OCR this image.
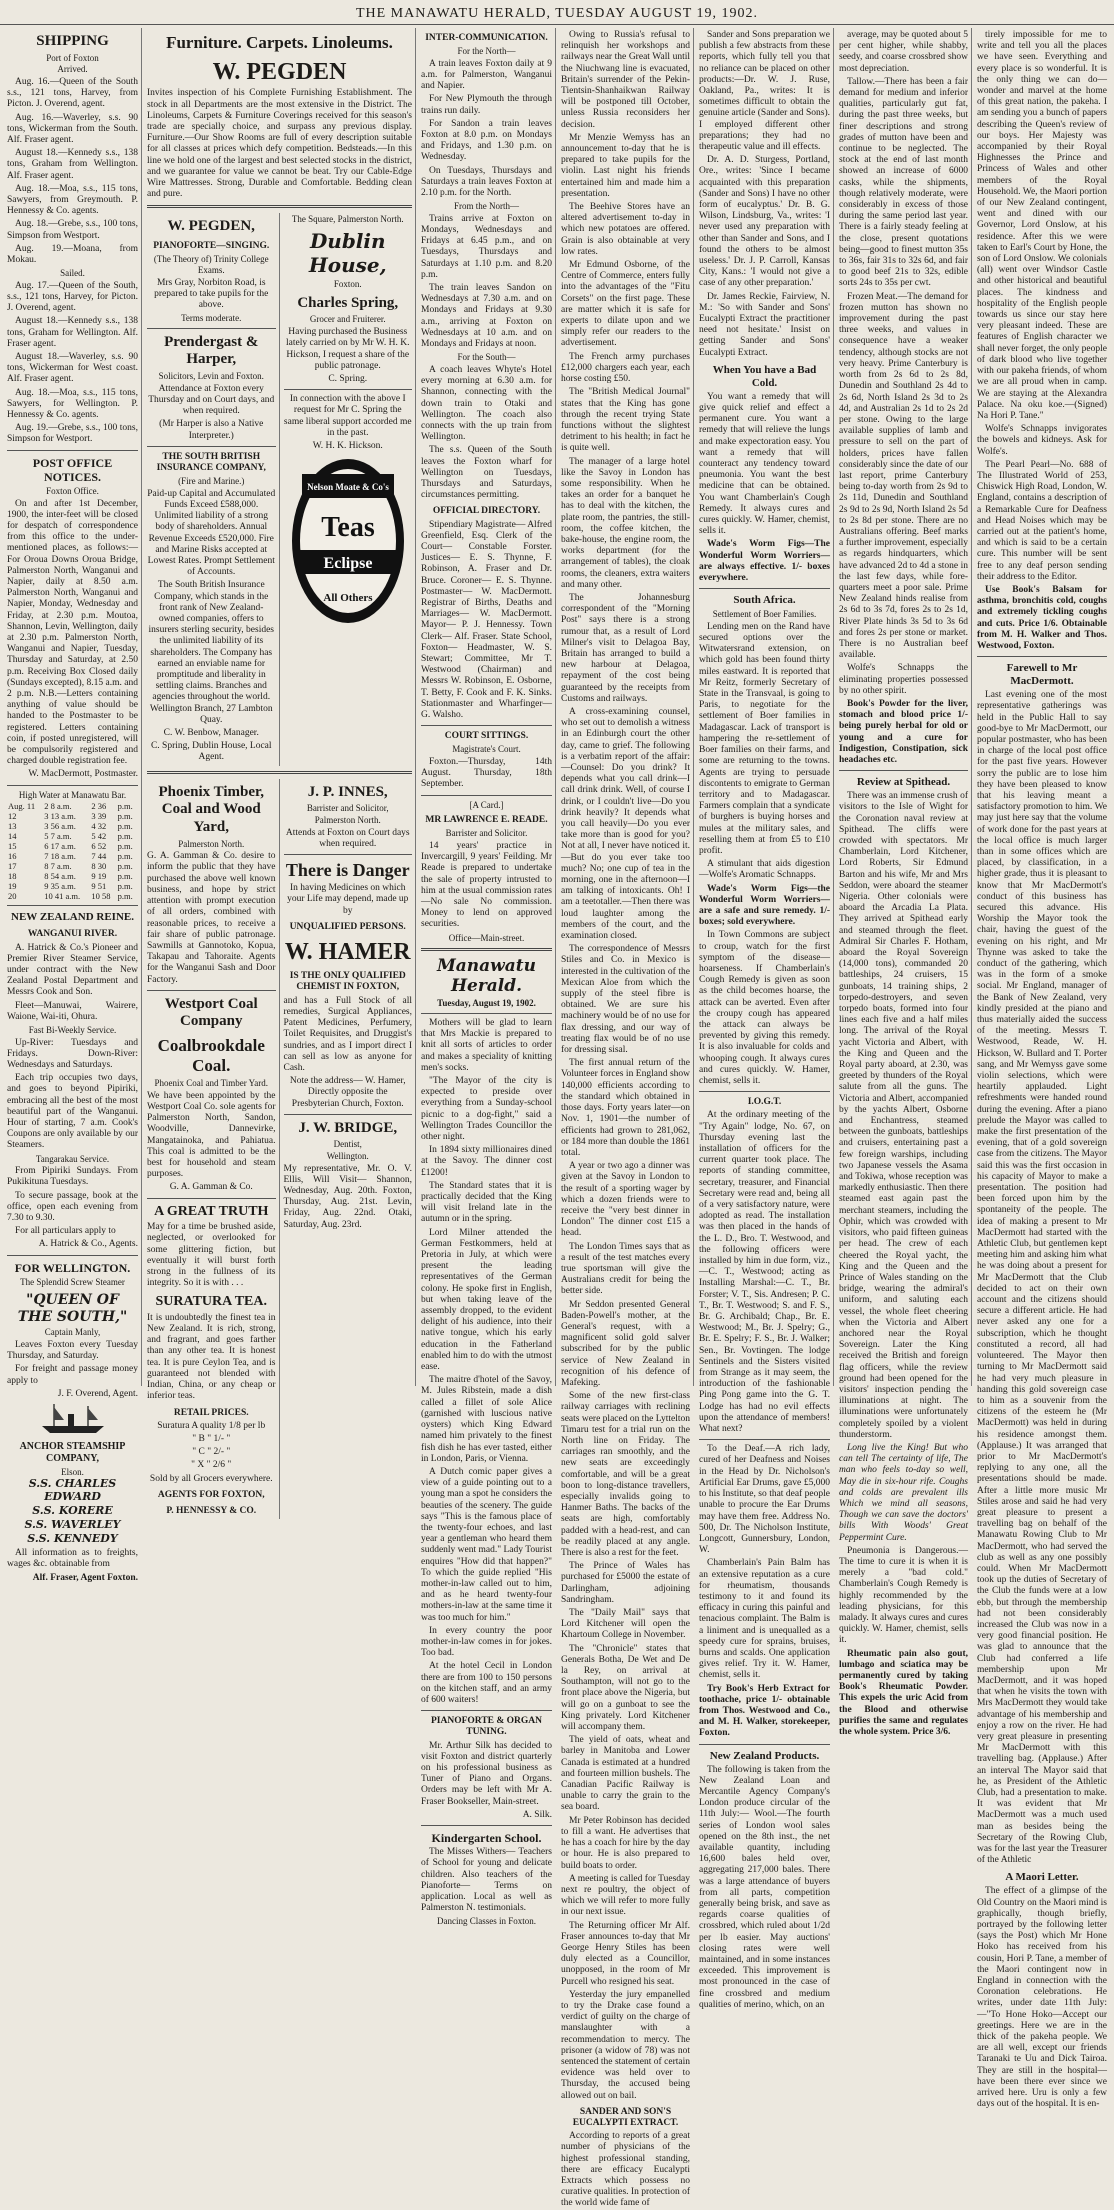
THE MANAWATU HERALD, TUESDAY AUGUST 19, 1902.
SHIPPING
Port of Foxton
Arrived.

Aug. 16.—Queen of the South s.s., 121 tons, Harvey, from Picton. J. Overend, agent.

Aug. 16.—Waverley, s.s. 90 tons, Wickerman from the South. Alf. Fraser agent.

August 18.—Kennedy s.s., 138 tons, Graham from Wellington. Alf. Fraser agent.

Aug. 18.—Moa, s.s., 115 tons, Sawyers, from Greymouth. P. Hennessy & Co. agents.

Aug. 18.—Grebe, s.s., 100 tons, Simpson from Westport.

Aug. 19.—Moana, from Mokau.

Sailed.

Aug. 17.—Queen of the South, s.s., 121 tons, Harvey, for Picton. J. Overend, agent.

August 18.—Kennedy s.s., 138 tons, Graham for Wellington. Alf. Fraser agent.

August 18.—Waverley, s.s. 90 tons, Wickerman for West coast. Alf. Fraser agent.

Aug. 18.—Moa, s.s., 115 tons, Sawyers, for Wellington. P. Hennessy & Co. agents.

Aug. 19.—Grebe, s.s., 100 tons, Simpson for Westport.

POST OFFICE NOTICES.
Foxton Office.

On and after 1st December, 1900, the inter-feet will be closed for despatch of correspondence from this office to the under-mentioned places, as follows:— For Oroua Downs Oroua Bridge, Palmerston North, Wanganui and Napier, daily at 8.50 a.m. Palmerston North, Wanganui and Napier, Monday, Wednesday and Friday, at 2.30 p.m. Moutoa, Shannon, Levin, Wellington, daily at 2.30 p.m. Palmerston North, Wanganui and Napier, Tuesday, Thursday and Saturday, at 2.50 p.m. Receiving Box Closed daily (Sundays excepted), 8.15 a.m. and 2 p.m. N.B.—Letters containing anything of value should be handed to the Postmaster to be registered. Letters containing coin, if posted unregistered, will be compulsorily registered and charged double registration fee.

W. MacDermott, Postmaster.

High Water at Manawatu Bar.
Aug. 11	2 8 a.m.	2 36	p.m.
12	3 13 a.m.	3 39	p.m.
13	3 56 a.m.	4 32	p.m.
14	5 7 a.m.	5 42	p.m.
15	6 17 a.m.	6 52	p.m.
16	7 18 a.m.	7 44	p.m.
17	8 7 a.m.	8 30	p.m.
18	8 54 a.m.	9 19	p.m.
19	9 35 a.m.	9 51	p.m.
20	10 41 a.m.	10 58	p.m.
NEW ZEALAND REINE.
WANGANUI RIVER.

A. Hatrick & Co.'s Pioneer and Premier River Steamer Service, under contract with the New Zealand Postal Department and Messrs Cook and Son.

Fleet—Manuwai, Wairere, Waione, Wai-iti, Ohura.

Fast Bi-Weekly Service.

Up-River: Tuesdays and Fridays. Down-River: Wednesdays and Saturdays.

Each trip occupies two days, and goes to beyond Pipiriki, embracing all the best of the most beautiful part of the Wanganui. Hour of starting, 7 a.m. Cook's Coupons are only available by our Steamers.

Tangarakau Service.

From Pipiriki Sundays. From Pukikituna Tuesdays.

To secure passage, book at the office, open each evening from 7.30 to 9.30.

For all particulars apply to

A. Hatrick & Co., Agents.

FOR WELLINGTON.
The Splendid Screw Steamer
"QUEEN OF THE SOUTH,"
Captain Manly,

Leaves Foxton every Tuesday Thursday, and Saturday.

For freight and passage money apply to

J. F. Overend, Agent.

ANCHOR STEAMSHIP COMPANY,
Elson.
S.S. CHARLES EDWARD
S.S. KORERE
S.S. WAVERLEY
S.S. KENNEDY

All information as to freights, wages &c. obtainable from

Alf. Fraser, Agent Foxton.

Furniture. Carpets. Linoleums.
W. PEGDEN

Invites inspection of his Complete Furnishing Establishment. The stock in all Departments are the most extensive in the District. The Linoleums, Carpets & Furniture Coverings received for this season's trade are specially choice, and surpass any previous display. Furniture.—Our Show Rooms are full of every description suitable for all classes at prices which defy competition. Bedsteads.—In this line we hold one of the largest and best selected stocks in the district, and we guarantee for value we cannot be beat. Try our Cable-Edge Wire Mattresses. Strong, Durable and Comfortable. Bedding clean and pure.

W. PEGDEN,
PIANOFORTE—SINGING.
(The Theory of) Trinity College Exams.

Mrs Gray, Norbiton Road, is prepared to take pupils for the above.

Terms moderate.
Prendergast & Harper,
Solicitors, Levin and Foxton.

Attendance at Foxton every Thursday and on Court days, and when required.

(Mr Harper is also a Native Interpreter.)

THE SOUTH BRITISH INSURANCE COMPANY,
(Fire and Marine.)

Paid-up Capital and Accumulated Funds Exceed £588,000. Unlimited liability of a strong body of shareholders. Annual Revenue Exceeds £520,000. Fire and Marine Risks accepted at Lowest Rates. Prompt Settlement of Accounts.

The South British Insurance Company, which stands in the front rank of New Zealand-owned companies, offers to insurers sterling security, besides the unlimited liability of its shareholders. The Company has earned an enviable name for promptitude and liberality in settling claims. Branches and agencies throughout the world. Wellington Branch, 27 Lambton Quay.

C. W. Benbow, Manager.

C. Spring, Dublin House, Local Agent.

The Square, Palmerston North.
Dublin House,
Foxton.
Charles Spring,
Grocer and Fruiterer.

Having purchased the Business lately carried on by Mr W. H. K. Hickson, I request a share of the public patronage.

C. Spring.

In connection with the above I request for Mr C. Spring the same liberal support accorded me in the past.

W. H. K. Hickson.

Nelson Moate & Co's
Teas
Eclipse
All Others
Phoenix Timber, Coal and Wood Yard,
Palmerston North.

G. A. Gamman & Co. desire to inform the public that they have purchased the above well known business, and hope by strict attention with prompt execution of all orders, combined with reasonable prices, to receive a fair share of public patronage. Sawmills at Gannotoko, Kopua, Takapau and Tahoraite. Agents for the Wanganui Sash and Door Factory.

Westport Coal Company
Coalbrookdale Coal.
Phoenix Coal and Timber Yard.

We have been appointed by the Westport Coal Co. sole agents for Palmerston North, Sandon, Woodville, Dannevirke, Mangatainoka, and Pahiatua. This coal is admitted to be the best for household and steam purposes.

G. A. Gamman & Co.

A GREAT TRUTH

May for a time be brushed aside, neglected, or overlooked for some glittering fiction, but eventually it will burst forth strong in the fullness of its integrity. So it is with . . .

SURATURA TEA.

It is undoubtedly the finest tea in New Zealand. It is rich, strong, and fragrant, and goes farther than any other tea. It is honest tea. It is pure Ceylon Tea, and is guaranteed not blended with Indian, China, or any cheap or inferior teas.

RETAIL PRICES.

Suratura A quality 1/8 per lb

" B " 1/- "

" C " 2/- "

" X " 2/6 "

Sold by all Grocers everywhere.

AGENTS FOR FOXTON,
P. HENNESSY & CO.
J. P. INNES,
Barrister and Solicitor,
Palmerston North.

Attends at Foxton on Court days when required.

There is Danger

In having Medicines on which your Life may depend, made up by

UNQUALIFIED PERSONS.
W. HAMER
IS THE ONLY QUALIFIED CHEMIST IN FOXTON,

and has a Full Stock of all remedies, Surgical Appliances, Patent Medicines, Perfumery, Toilet Requisites, and Druggist's sundries, and as I import direct I can sell as low as anyone for Cash.

Note the address— W. Hamer, Directly opposite the Presbyterian Church, Foxton.

J. W. BRIDGE,
Dentist,
Wellington.

My representative, Mr. O. V. Ellis, Will Visit— Shannon, Wednesday, Aug. 20th. Foxton, Thursday, Aug. 21st. Levin, Friday, Aug. 22nd. Otaki, Saturday, Aug. 23rd.

INTER-COMMUNICATION.
For the North—

A train leaves Foxton daily at 9 a.m. for Palmerston, Wanganui and Napier.

For New Plymouth the through trains run daily.

For Sandon a train leaves Foxton at 8.0 p.m. on Mondays and Fridays, and 1.30 p.m. on Wednesday.

On Tuesdays, Thursdays and Saturdays a train leaves Foxton at 2.10 p.m. for the North.

From the North—

Trains arrive at Foxton on Mondays, Wednesdays and Fridays at 6.45 p.m., and on Tuesdays, Thursdays and Saturdays at 1.10 p.m. and 8.20 p.m.

The train leaves Sandon on Wednesdays at 7.30 a.m. and on Mondays and Fridays at 9.30 a.m., arriving at Foxton on Wednesdays at 10 a.m. and on Mondays and Fridays at noon.

For the South—

A coach leaves Whyte's Hotel every morning at 6.30 a.m. for Shannon, connecting with the down train to Otaki and Wellington. The coach also connects with the up train from Wellington.

The s.s. Queen of the South leaves the Foxton wharf for Wellington on Tuesdays, Thursdays and Saturdays, circumstances permitting.

OFFICIAL DIRECTORY.

Stipendiary Magistrate— Alfred Greenfield, Esq. Clerk of the Court— Constable Forster. Justices— E. S. Thynne, F. Robinson, A. Fraser and Dr. Bruce. Coroner— E. S. Thynne. Postmaster— W. MacDermott. Registrar of Births, Deaths and Marriages— W. MacDermott. Mayor— P. J. Hennessy. Town Clerk— Alf. Fraser. State School, Foxton— Headmaster, W. S. Stewart; Committee, Mr T. Westwood (Chairman) and Messrs W. Robinson, E. Osborne, T. Betty, F. Cook and F. K. Sinks. Stationmaster and Wharfinger— G. Walsho.

COURT SITTINGS.
Magistrate's Court.

Foxton.—Thursday, 14th August. Thursday, 18th September.

[A Card.]
MR LAWRENCE E. READE.
Barrister and Solicitor.

14 years' practice in Invercargill, 9 years' Feilding. Mr Reade is prepared to undertake the sale of property intrusted to him at the usual commission rates—No sale No commission. Money to lend on approved securities.

Office—Main-street.
Manawatu Herald.
Tuesday, August 19, 1902.

Mothers will be glad to learn that Mrs Mackie is prepared to knit all sorts of articles to order and makes a speciality of knitting men's socks.

"The Mayor of the city is expected to preside over everything from a Sunday-school picnic to a dog-fight," said a Wellington Trades Councillor the other night.

In 1894 sixty millionaires dined at the Savoy. The dinner cost £1200!

The Standard states that it is practically decided that the King will visit Ireland late in the autumn or in the spring.

Lord Milner attended the German Festkommers, held at Pretoria in July, at which were present the leading representatives of the German colony. He spoke first in English, but when taking leave of the assembly dropped, to the evident delight of his audience, into their native tongue, which his early education in the Fatherland enabled him to do with the utmost ease.

The maitre d'hotel of the Savoy, M. Jules Ribstein, made a dish called a fillet of sole Alice (garnished with luscious native oysters) which King Edward named him privately to the finest fish dish he has ever tasted, either in London, Paris, or Vienna.

A Dutch comic paper gives a view of a guide pointing out to a young man a spot he considers the beauties of the scenery. The guide says "This is the famous place of the twenty-four echoes, and last year a gentleman who heard them suddenly went mad." Lady Tourist enquires "How did that happen?" To which the guide replied "His mother-in-law called out to him, and as he heard twenty-four mothers-in-law at the same time it was too much for him."

In every country the poor mother-in-law comes in for jokes. Too bad.

At the hotel Cecil in London there are from 100 to 150 persons on the kitchen staff, and an army of 600 waiters!

PIANOFORTE & ORGAN TUNING.

Mr. Arthur Silk has decided to visit Foxton and district quarterly on his professional business as Tuner of Piano and Organs. Orders may be left with Mr A. Fraser Bookseller, Main-street.

A. Silk.

Kindergarten School.

The Misses Withers— Teachers of School for young and delicate children. Also teachers of the Pianoforte— Terms on application. Local as well as Palmerston N. testimonials.

Dancing Classes in Foxton.

Owing to Russia's refusal to relinquish her workshops and railways near the Great Wall until the Niuchwang line is evacuated, Britain's surrender of the Pekin-Tientsin-Shanhaikwan Railway will be postponed till October, unless Russia reconsiders her decision.

Mr Menzie Wemyss has an announcement to-day that he is prepared to take pupils for the violin. Last night his friends entertained him and made him a presentation.

The Beehive Stores have an altered advertisement to-day in which new potatoes are offered. Grain is also obtainable at very low rates.

Mr Edmund Osborne, of the Centre of Commerce, enters fully into the advantages of the "Fitu Corsets" on the first page. These are matter which it is safe for experts to dilate upon and we simply refer our readers to the advertisement.

The French army purchases £12,000 chargers each year, each horse costing £50.

The "British Medical Journal" states that the King has gone through the recent trying State functions without the slightest detriment to his health; in fact he is quite well.

The manager of a large hotel like the Savoy in London has some responsibility. When he takes an order for a banquet he has to deal with the kitchen, the plate room, the pantries, the still-room, the coffee kitchen, the bake-house, the engine room, the works department (for the arrangement of tables), the cloak rooms, the cleaners, extra waiters and many other.

The Johannesburg correspondent of the "Morning Post" says there is a strong rumour that, as a result of Lord Milner's visit to Delagoa Bay, Britain has arranged to build a new harbour at Delagoa, repayment of the cost being guaranteed by the receipts from Customs and railways.

A cross-examining counsel, who set out to demolish a witness in an Edinburgh court the other day, came to grief. The following is a verbatim report of the affair:—Counsel: Do you drink? It depends what you call drink—I call drink drink. Well, of course I drink, or I couldn't live—Do you drink heavily? It depends what you call heavily—Do you ever take more than is good for you? Not at all, I never have noticed it.—But do you ever take too much? No; one cup of tea in the morning, one in the afternoon—I am talking of intoxicants. Oh! I am a teetotaller.—Then there was loud laughter among the members of the court, and the examination closed.

The correspondence of Messrs Stiles and Co. in Mexico is interested in the cultivation of the Mexican Aloe from which the supply of the steel fibre is obtained. We are sure his machinery would be of no use for flax dressing, and our way of treating flax would be of no use for dressing sisal.

The first annual return of the Volunteer forces in England show 140,000 efficients according to the standard which obtained in those days. Forty years later—on Nov. 1, 1901—the number of efficients had grown to 281,062, or 184 more than double the 1861 total.

A year or two ago a dinner was given at the Savoy in London to the result of a sporting wager by which a dozen friends were to receive the "very best dinner in London" The dinner cost £15 a head.

The London Times says that as a result of the test matches every true sportsman will give the Australians credit for being the better side.

Mr Seddon presented General Baden-Powell's mother, at the General's request, with a magnificent solid gold salver subscribed for by the public service of New Zealand in recognition of his defence of Mafeking.

Some of the new first-class railway carriages with reclining seats were placed on the Lyttelton Timaru test for a trial run on the North line on Friday. The carriages ran smoothly, and the new seats are exceedingly comfortable, and will be a great boon to long-distance travellers, especially invalids going to Hanmer Baths. The backs of the seats are high, comfortably padded with a head-rest, and can be readily placed at any angle. There is also a rest for the feet.

The Prince of Wales has purchased for £5000 the estate of Darlingham, adjoining Sandringham.

The "Daily Mail" says that Lord Kitchener will open the Khartoum College in November.

The "Chronicle" states that Generals Botha, De Wet and De la Rey, on arrival at Southampton, will not go to the front place above the Nigeria, but will go on a gunboat to see the King privately. Lord Kitchener will accompany them.

The yield of oats, wheat and barley in Manitoba and Lower Canada is estimated at a hundred and fourteen million bushels. The Canadian Pacific Railway is unable to carry the grain to the sea board.

Mr Peter Robinson has decided to fill a want. He advertises that he has a coach for hire by the day or hour. He is also prepared to build boats to order.

A meeting is called for Tuesday next re poultry, the object of which we will refer to more fully in our next issue.

The Returning officer Mr Alf. Fraser announces to-day that Mr George Henry Stiles has been duly elected as a Councillor, unopposed, in the room of Mr Purcell who resigned his seat.

Yesterday the jury empanelled to try the Drake case found a verdict of guilty on the charge of manslaughter with a recommendation to mercy. The prisoner (a widow of 78) was not sentenced the statement of certain evidence was held over to Thursday, the accused being allowed out on bail.

SANDER AND SON'S EUCALYPTI EXTRACT.

According to reports of a great number of physicians of the highest professional standing, there are efficacy Eucalypti Extracts which possess no curative qualities. In protection of the world wide fame of

Sander and Sons preparation we publish a few abstracts from these reports, which fully tell you that no reliance can be placed on other products:—Dr. W. J. Ruse, Oakland, Pa., writes: It is sometimes difficult to obtain the genuine article (Sander and Sons). I employed different other preparations; they had no therapeutic value and ill effects.

Dr. A. D. Sturgess, Portland, Ore., writes: 'Since I became acquainted with this preparation (Sander and Sons) I have no other form of eucalyptus.' Dr. B. G. Wilson, Lindsburg, Va., writes: 'I never used any preparation with other than Sander and Sons, and I found the others to be almost useless.' Dr. J. P. Carroll, Kansas City, Kans.: 'I would not give a case of any other preparation.'

Dr. James Reckie, Fairview, N. M.: 'So with Sander and Sons' Eucalypti Extract the practitioner need not hesitate.' Insist on getting Sander and Sons' Eucalypti Extract.

When You have a Bad Cold.

You want a remedy that will give quick relief and effect a permanent cure. You want a remedy that will relieve the lungs and make expectoration easy. You want a remedy that will counteract any tendency toward pneumonia. You want the best medicine that can be obtained. You want Chamberlain's Cough Remedy. It always cures and cures quickly. W. Hamer, chemist, sells it.

Wade's Worm Figs—The Wonderful Worm Worriers—are always effective. 1/- boxes everywhere.

South Africa.
Settlement of Boer Families.

Lending men on the Rand have secured options over the Witwatersrand extension, on which gold has been found thirty miles eastward. It is reported that Mr Reitz, formerly Secretary of State in the Transvaal, is going to Paris, to negotiate for the settlement of Boer families in Madagascar. Lack of transport is hampering the re-settlement of Boer families on their farms, and some are returning to the towns. Agents are trying to persuade discontents to emigrate to German territory and to Madagascar. Farmers complain that a syndicate of burghers is buying horses and mules at the military sales, and reselling them at from £5 to £10 profit.

A stimulant that aids digestion—Wolfe's Aromatic Schnapps.

Wade's Worm Figs—the Wonderful Worm Worriers—are a safe and sure remedy. 1/- boxes; sold everywhere.

In Town Commons are subject to croup, watch for the first symptom of the disease—hoarseness. If Chamberlain's Cough Remedy is given as soon as the child becomes hoarse, the attack can be averted. Even after the croupy cough has appeared the attack can always be prevented by giving this remedy. It is also invaluable for colds and whooping cough. It always cures and cures quickly. W. Hamer, chemist, sells it.

I.O.G.T.

At the ordinary meeting of the "Try Again" lodge, No. 67, on Thursday evening last the installation of officers for the current quarter took place. The reports of standing committee, secretary, treasurer, and Financial Secretary were read and, being all of a very satisfactory nature, were adopted as read. The installation was then placed in the hands of the L. D., Bro. T. Westwood, and the following officers were installed by him in due form, viz., —C. T., Westwood; acting as Installing Marshal:—C. T., Br. Forster; V. T., Sis. Andresen; P. C. T., Br. T. Westwood; S. and F. S., Br. G. Archibald; Chap., Br. E. Westwood; M., Br. J. Spelry; G., Br. E. Spelry; F. S., Br. J. Walker; Sen., Br. Vovtingen. The lodge Sentinels and the Sisters visited from Strange as it may seem, the introduction of the fashionable Ping Pong game into the G. T. Lodge has had no evil effects upon the attendance of members! What next?

To the Deaf.—A rich lady, cured of her Deafness and Noises in the Head by Dr. Nicholson's Artificial Ear Drums, gave £5,000 to his Institute, so that deaf people unable to procure the Ear Drums may have them free. Address No. 500, Dr. The Nicholson Institute, Longcott, Gunnersbury, London, W.

Chamberlain's Pain Balm has an extensive reputation as a cure for rheumatism, thousands testimony to it and found its efficacy in curing this painful and tenacious complaint. The Balm is a liniment and is unequalled as a speedy cure for sprains, bruises, burns and scalds. One application gives relief. Try it. W. Hamer, chemist, sells it.

Try Book's Herb Extract for toothache, price 1/- obtainable from Thos. Westwood and Co., and M. H. Walker, storekeeper, Foxton.

New Zealand Products.

The following is taken from the New Zealand Loan and Mercantile Agency Company's London produce circular of the 11th July:— Wool.—The fourth series of London wool sales opened on the 8th inst., the net available quantity, including 16,600 bales held over, aggregating 217,000 bales. There was a large attendance of buyers from all parts, competition generally being brisk, and save as regards coarse qualities of crossbred, which ruled about 1/2d per lb easier. May auctions' closing rates were well maintained, and in some instances exceeded. This improvement is most pronounced in the case of fine crossbred and medium qualities of merino, which, on an

average, may be quoted about 5 per cent higher, while shabby, seedy, and coarse crossbred show most depreciation.

Tallow.—There has been a fair demand for medium and inferior qualities, particularly gut fat, during the past three weeks, but finer descriptions and strong grades of mutton have been and continue to be neglected. The stock at the end of last month showed an increase of 6000 casks, while the shipments, though relatively moderate, were considerably in excess of those during the same period last year. There is a fairly steady feeling at the close, present quotations being—good to finest mutton 35s to 36s, fair 31s to 32s 6d, and fair to good beef 21s to 32s, edible sorts 24s to 35s per cwt.

Frozen Meat.—The demand for frozen mutton has shown no improvement during the past three weeks, and values in consequence have a weaker tendency, although stocks are not very heavy. Prime Canterbury is worth from 2s 6d to 2s 8d, Dunedin and Southland 2s 4d to 2s 6d, North Island 2s 3d to 2s 4d, and Australian 2s 1d to 2s 2d per stone. Owing to the large available supplies of lamb and pressure to sell on the part of holders, prices have fallen considerably since the date of our last report, prime Canterbury being to-day worth from 2s 9d to 2s 11d, Dunedin and Southland 2s 9d to 2s 9d, North Island 2s 5d to 2s 8d per stone. There are no Australians offering. Beef marks a further improvement, especially as regards hindquarters, which have advanced 2d to 4d a stone in the last few days, while fore-quarters meet a poor sale. Prime New Zealand hinds realise from 2s 6d to 3s 7d, fores 2s to 2s 1d, River Plate hinds 3s 5d to 3s 6d and fores 2s per stone or market. There is no Australian beef available.

Wolfe's Schnapps the eliminating properties possessed by no other spirit.

Book's Powder for the liver, stomach and blood price 1/- being purely herbal for old or young and a cure for Indigestion, Constipation, sick headaches etc.

Review at Spithead.

There was an immense crush of visitors to the Isle of Wight for the Coronation naval review at Spithead. The cliffs were crowded with spectators. Mr Chamberlain, Lord Kitchener, Lord Roberts, Sir Edmund Barton and his wife, Mr and Mrs Seddon, were aboard the steamer Nigeria. Other colonials were aboard the Arcadia La Plata. They arrived at Spithead early and steamed through the fleet. Admiral Sir Charles F. Hotham, aboard the Royal Sovereign (14,000 tons), commanded 20 battleships, 24 cruisers, 15 gunboats, 14 training ships, 2 torpedo-destroyers, and seven torpedo boats, formed into four lines each five and a half miles long. The arrival of the Royal yacht Victoria and Albert, with the King and Queen and the Royal party aboard, at 2.30, was greeted by thunders of the Royal salute from all the guns. The Victoria and Albert, accompanied by the yachts Albert, Osborne and Enchantress, steamed between the gunboats, battleships and cruisers, entertaining past a few foreign warships, including two Japanese vessels the Asama and Tokiwa, whose reception was markedly enthusiastic. Then there steamed east again past the merchant steamers, including the Ophir, which was crowded with visitors, who paid fifteen guineas per head. The crew of each cheered the Royal yacht, the King and the Queen and the Prince of Wales standing on the bridge, wearing the admiral's uniform, and saluting each vessel, the whole fleet cheering when the Victoria and Albert anchored near the Royal Sovereign. Later the King received the British and foreign flag officers, while the review ground had been opened for the visitors' inspection pending the illuminations at night. The illuminations were unfortunately completely spoiled by a violent thunderstorm.

Long live the King! But who can tell The certainty of life, The man who feels to-day so well, May die in six-hour rife. Coughs and colds are prevalent ills Which we mind all seasons, Though we can save the doctors' bills With Woods' Great Peppermint Cure.

Pneumonia is Dangerous.—The time to cure it is when it is merely a "bad cold." Chamberlain's Cough Remedy is highly recommended by the leading physicians, for this malady. It always cures and cures quickly. W. Hamer, chemist, sells it.

Rheumatic pain also gout, lumbago and sciatica may be permanently cured by taking Book's Rheumatic Powder. This expels the uric Acid from the Blood and otherwise purifies the same and regulates the whole system. Price 3/6.

tirely impossible for me to write and tell you all the places we have seen. Everything and every place is so wonderful. It is the only thing we can do—wonder and marvel at the home of this great nation, the pakeha. I am sending you a bunch of papers describing the Queen's review of our boys. Her Majesty was accompanied by their Royal Highnesses the Prince and Princess of Wales and other members of the Royal Household. We, the Maori portion of our New Zealand contingent, went and dined with our Governor, Lord Onslow, at his residence. After this we were taken to Earl's Court by Hone, the son of Lord Onslow. We colonials (all) went over Windsor Castle and other historical and beautiful places. The kindness and hospitality of the English people towards us since our stay here very pleasant indeed. These are features of English character we shall never forget, the only people of dark blood who live together with our pakeha friends, of whom we are all proud when in camp. We are staying at the Alexandra Palace. Na oku koe.—(Signed) Na Hori P. Tane."

Wolfe's Schnapps invigorates the bowels and kidneys. Ask for Wolfe's.

The Pearl Pearl—No. 688 of The Illustrated World of 253, Chiswick High Road, London, W. England, contains a description of a Remarkable Cure for Deafness and Head Noises which may be carried out at the patient's home, and which is said to be a certain cure. This number will be sent free to any deaf person sending their address to the Editor.

Use Book's Balsam for asthma, bronchitis cold, coughs and extremely tickling coughs and cuts. Price 1/6. Obtainable from M. H. Walker and Thos. Westwood, Foxton.

Farewell to Mr MacDermott.

Last evening one of the most representative gatherings was held in the Public Hall to say good-bye to Mr MacDermott, our popular postmaster, who has been in charge of the local post office for the past five years. However sorry the public are to lose him they have been pleased to know that his leaving meant a satisfactory promotion to him. We may just here say that the volume of work done for the past years at the local office is much larger than in some offices which are placed, by classification, in a higher grade, thus it is pleasant to know that Mr MacDermott's conduct of this business has secured this advance. His Worship the Mayor took the chair, having the guest of the evening on his right, and Mr Thynne was asked to take the conduct of the gathering, which was in the form of a smoke social. Mr England, manager of the Bank of New Zealand, very kindly presided at the piano and thus materially aided the success of the meeting. Messrs T. Westwood, Reade, W. H. Hickson, W. Bullard and T. Porter sang, and Mr Wemyss gave some violin selections, which were heartily applauded. Light refreshments were handed round during the evening. After a piano prelude the Mayor was called to make the first presentation of the evening, that of a gold sovereign case from the citizens. The Mayor said this was the first occasion in his capacity of Mayor to make a presentation. The position had been forced upon him by the spontaneity of the people. The idea of making a present to Mr MacDermott had started with the Athletic Club, but gentlemen kept meeting him and asking him what he was doing about a present for Mr MacDermott that the Club decided to act on their own account and the citizens should secure a different article. He had never asked any one for a subscription, which he thought constituted a record, all had volunteered. The Mayor then turning to Mr MacDermott said he had very much pleasure in handing this gold sovereign case to him as a souvenir from the citizens of the esteem he (Mr MacDermott) was held in during his residence amongst them. (Applause.) It was arranged that prior to Mr MacDermott's replying to any one, all the presentations should be made. After a little more music Mr Stiles arose and said he had very great pleasure to present a travelling bag on behalf of the Manawatu Rowing Club to Mr MacDermott, who had served the club as well as any one possibly could. When Mr MacDermott took up the duties of Secretary of the Club the funds were at a low ebb, but through the membership had not been considerably increased the Club was now in a very good financial position. He was glad to announce that the Club had conferred a life membership upon Mr MacDermott, and it was hoped that when he visits the town with Mrs MacDermott they would take advantage of his membership and enjoy a row on the river. He had very great pleasure in presenting Mr MacDermott with this travelling bag. (Applause.) After an interval The Mayor said that he, as President of the Athletic Club, had a presentation to make. It was evident that Mr MacDermott was a much used man as besides being the Secretary of the Rowing Club, was for the last year the Treasurer of the Athletic

A Maori Letter.

The effect of a glimpse of the Old Country on the Maori mind is graphically, though briefly, portrayed by the following letter (says the Post) which Mr Hone Hoko has received from his cousin, Hori P. Tane, a member of the Maori contingent now in England in connection with the Coronation celebrations. He writes, under date 11th July:—"To Hone Hoko—Accept our greetings. Here we are in the thick of the pakeha people. We are all well, except our friends Taranaki te Uu and Dick Tairoa. They are still in the hospital—have been there ever since we arrived here. Uru is only a few days out of the hospital. It is en-
